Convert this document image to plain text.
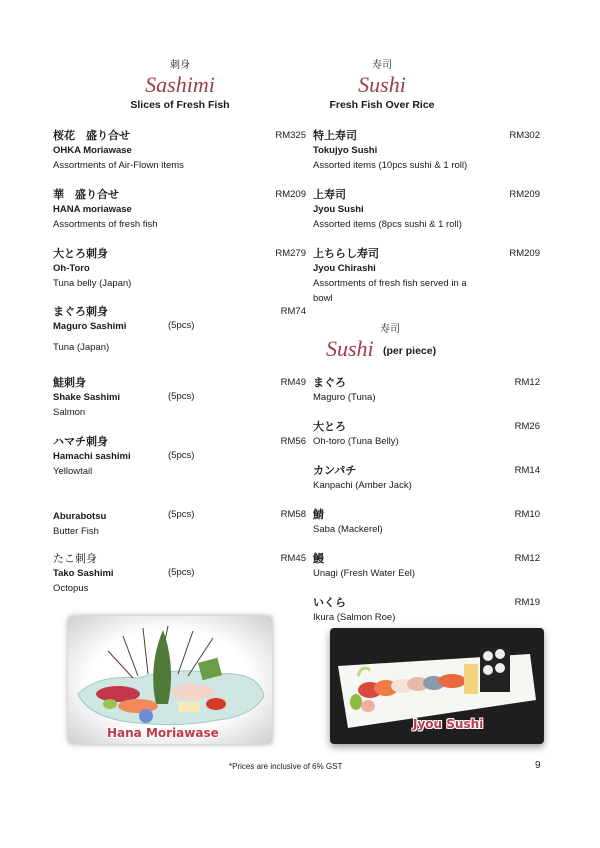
刺身
Sashimi
Slices of Fresh Fish
寿司
Sushi
Fresh Fish Over Rice
桜花　盛り合せ
OHKA Moriawase
Assortments of Air-Flown items
RM325
華　盛り合せ
HANA moriawase
Assortments of fresh fish
RM209
大とろ刺身
Oh-Toro
Tuna belly (Japan)
RM279
まぐろ刺身
Maguro Sashimi
Tuna (Japan)
(5pcs)
RM74
鮭刺身
Shake Sashimi
Salmon
(5pcs)
RM49
ハマチ刺身
Hamachi sashimi
Yellowtail
(5pcs)
RM56
Aburabotsu
Butter Fish
(5pcs)	RM58
たこ刺身
Tako Sashimi
Octopus
(5pcs)
RM45
特上寿司
Tokujyo Sushi
Assorted items (10pcs sushi & 1 roll)
RM302
上寿司
Jyou Sushi
Assorted items (8pcs sushi & 1 roll)
RM209
上ちらし寿司
Jyou Chirashi
Assortments of fresh fish served in a
bowl
RM209
寿司
Sushi (per piece)
まぐろ
Maguro (Tuna)
RM12
大とろ
Oh-toro (Tuna Belly)
RM26
カンパチ
Kanpachi (Amber Jack)
RM14
鯖
Saba (Mackerel)
RM10
鰻
Unagi (Fresh Water Eel)
RM12
いくら
Ikura (Salmon Roe)
RM19
Hana Moriawase
Jyou Sushi
*Prices are inclusive of 6% GST	9
